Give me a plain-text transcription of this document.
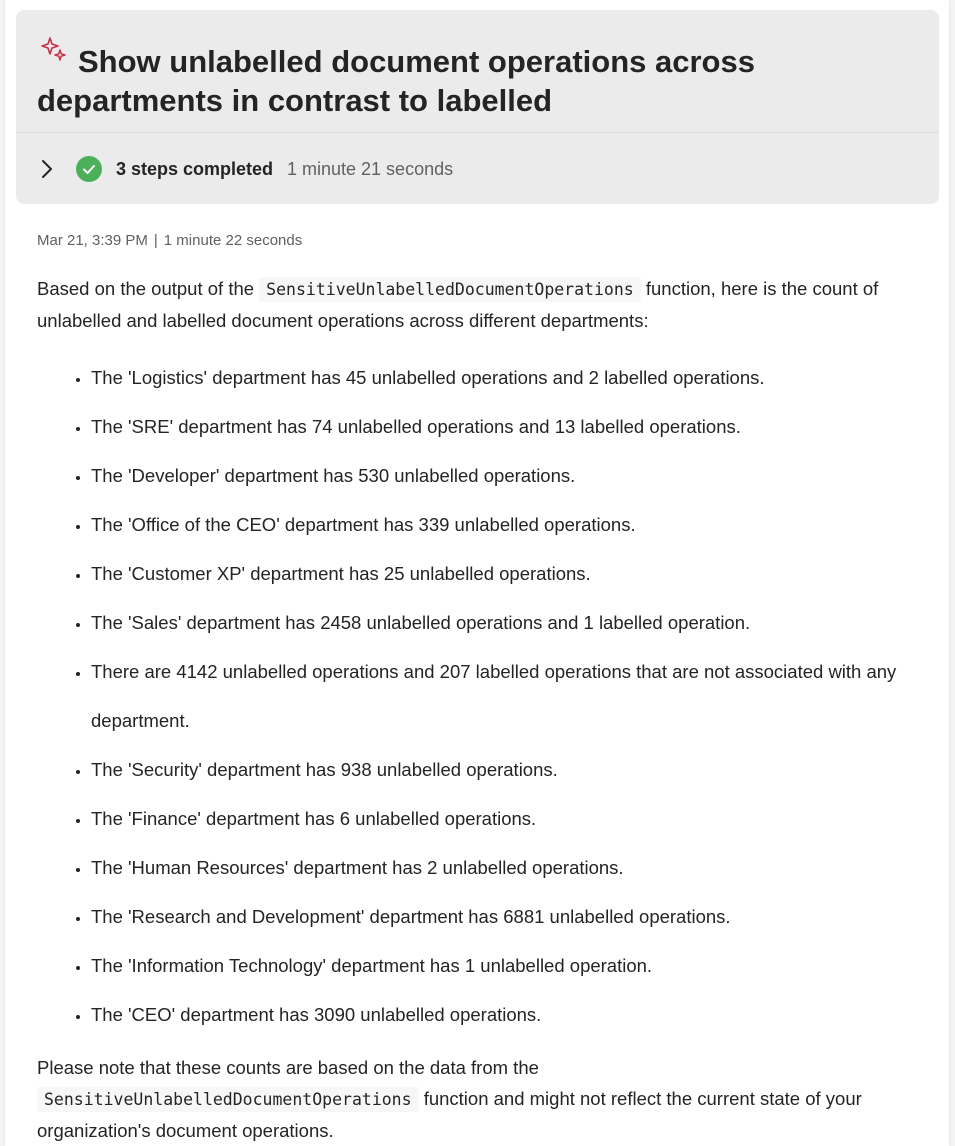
Show unlabelled document operations across departments in contrast to labelled
3 steps completed 1 minute 21 seconds
Mar 21, 3:39 PM | 1 minute 22 seconds
Based on the output of the SensitiveUnlabelledDocumentOperations function, here is the count of unlabelled and labelled document operations across different departments:
• The 'Logistics' department has 45 unlabelled operations and 2 labelled operations.
• The 'SRE' department has 74 unlabelled operations and 13 labelled operations.
• The 'Developer' department has 530 unlabelled operations.
• The 'Office of the CEO' department has 339 unlabelled operations.
• The 'Customer XP' department has 25 unlabelled operations.
• The 'Sales' department has 2458 unlabelled operations and 1 labelled operation.
• There are 4142 unlabelled operations and 207 labelled operations that are not associated with any department.
• The 'Security' department has 938 unlabelled operations.
• The 'Finance' department has 6 unlabelled operations.
• The 'Human Resources' department has 2 unlabelled operations.
• The 'Research and Development' department has 6881 unlabelled operations.
• The 'Information Technology' department has 1 unlabelled operation.
• The 'CEO' department has 3090 unlabelled operations.
Please note that these counts are based on the data from the SensitiveUnlabelledDocumentOperations function and might not reflect the current state of your organization's document operations.
